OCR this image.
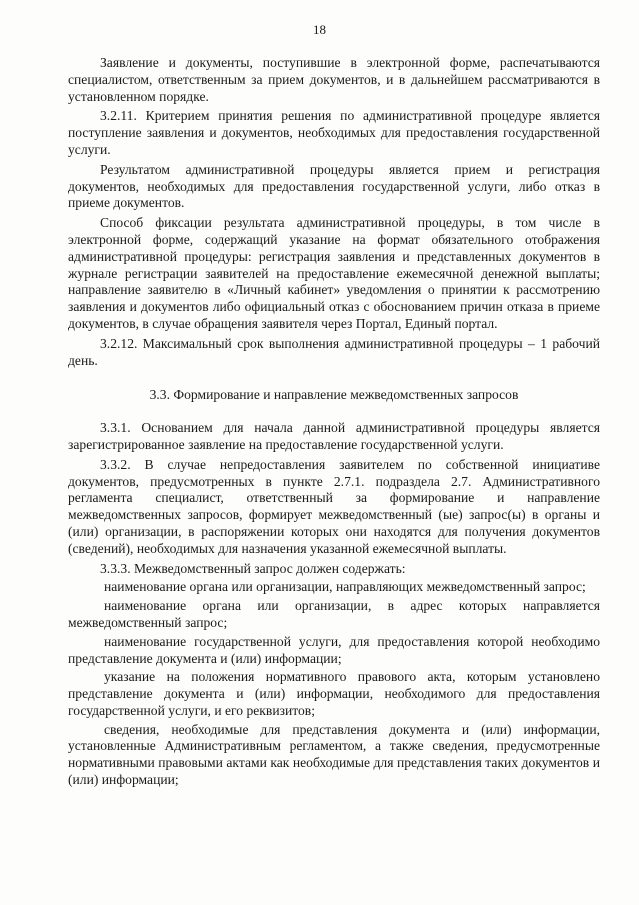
18

Заявление и документы, поступившие в электронной форме, распечатываются специалистом, ответственным за прием документов, и в дальнейшем рассматриваются в установленном порядке.

3.2.11. Критерием принятия решения по административной процедуре является поступление заявления и документов, необходимых для предоставления государственной услуги.

Результатом административной процедуры является прием и регистрация документов, необходимых для предоставления государственной услуги, либо отказ в приеме документов.

Способ фиксации результата административной процедуры, в том числе в электронной форме, содержащий указание на формат обязательного отображения административной процедуры: регистрация заявления и представленных документов в журнале регистрации заявителей на предоставление ежемесячной денежной выплаты; направление заявителю в «Личный кабинет» уведомления о принятии к рассмотрению заявления и документов либо официальный отказ с обоснованием причин отказа в приеме документов, в случае обращения заявителя через Портал, Единый портал.

3.2.12. Максимальный срок выполнения административной процедуры – 1 рабочий день.

3.3. Формирование и направление межведомственных запросов

3.3.1. Основанием для начала данной административной процедуры является зарегистрированное заявление на предоставление государственной услуги.

3.3.2. В случае непредоставления заявителем по собственной инициативе документов, предусмотренных в пункте 2.7.1. подраздела 2.7. Административного регламента специалист, ответственный за формирование и направление межведомственных запросов, формирует межведомственный (ые) запрос(ы) в органы и (или) организации, в распоряжении которых они находятся для получения документов (сведений), необходимых для назначения указанной ежемесячной выплаты.

3.3.3. Межведомственный запрос должен содержать:

наименование органа или организации, направляющих межведомственный запрос;

наименование органа или организации, в адрес которых направляется межведомственный запрос;

наименование государственной услуги, для предоставления которой необходимо представление документа и (или) информации;

указание на положения нормативного правового акта, которым установлено представление документа и (или) информации, необходимого для предоставления государственной услуги, и его реквизитов;

сведения, необходимые для представления документа и (или) информации, установленные Административным регламентом, а также сведения, предусмотренные нормативными правовыми актами как необходимые для представления таких документов и (или) информации;
